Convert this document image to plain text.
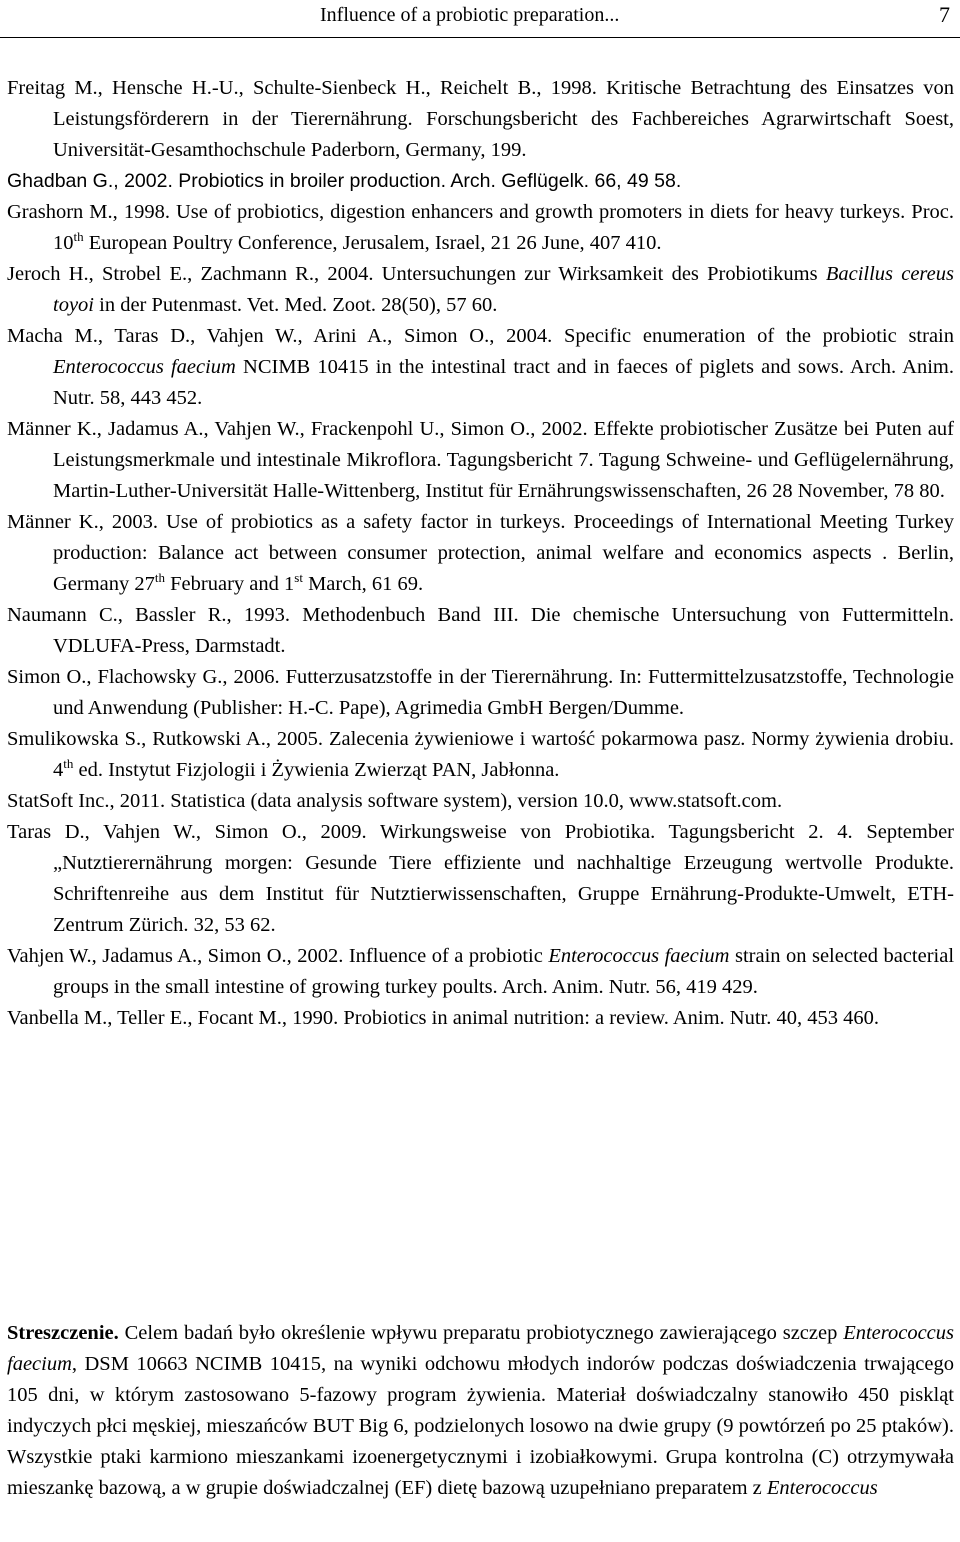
Influence of a probiotic preparation...	7

Freitag M., Hensche H.-U., Schulte-Sienbeck H., Reichelt B., 1998. Kritische Betrachtung des Einsatzes von Leistungsförderern in der Tierernährung. Forschungsbericht des Fachbereiches Agrarwirtschaft Soest, Universität-Gesamthochschule Paderborn, Germany, 199.

Ghadban G., 2002. Probiotics in broiler production. Arch. Geflügelk. 66, 49 58.

Grashorn M., 1998. Use of probiotics, digestion enhancers and growth promoters in diets for heavy turkeys. Proc. 10th European Poultry Conference, Jerusalem, Israel, 21 26 June, 407 410.

Jeroch H., Strobel E., Zachmann R., 2004. Untersuchungen zur Wirksamkeit des Probiotikums Bacillus cereus toyoi in der Putenmast. Vet. Med. Zoot. 28(50), 57 60.

Macha M., Taras D., Vahjen W., Arini A., Simon O., 2004. Specific enumeration of the probiotic strain Enterococcus faecium NCIMB 10415 in the intestinal tract and in faeces of piglets and sows. Arch. Anim. Nutr. 58, 443 452.

Männer K., Jadamus A., Vahjen W., Frackenpohl U., Simon O., 2002. Effekte probiotischer Zusätze bei Puten auf Leistungsmerkmale und intestinale Mikroflora. Tagungsbericht 7. Tagung Schweine- und Geflügelernährung, Martin-Luther-Universität Halle-Wittenberg, Institut für Ernährungswissenschaften, 26 28 November, 78 80.

Männer K., 2003. Use of probiotics as a safety factor in turkeys. Proceedings of International Meeting Turkey production: Balance act between consumer protection, animal welfare and economics aspects . Berlin, Germany 27th February and 1st March, 61 69.

Naumann C., Bassler R., 1993. Methodenbuch Band III. Die chemische Untersuchung von Futtermitteln. VDLUFA-Press, Darmstadt.

Simon O., Flachowsky G., 2006. Futterzusatzstoffe in der Tierernährung. In: Futtermittelzusatzstoffe, Technologie und Anwendung (Publisher: H.-C. Pape), Agrimedia GmbH Bergen/Dumme.

Smulikowska S., Rutkowski A., 2005. Zalecenia żywieniowe i wartość pokarmowa pasz. Normy żywienia drobiu. 4th ed. Instytut Fizjologii i Żywienia Zwierząt PAN, Jabłonna.

StatSoft Inc., 2011. Statistica (data analysis software system), version 10.0, www.statsoft.com.

Taras D., Vahjen W., Simon O., 2009. Wirkungsweise von Probiotika. Tagungsbericht 2. 4. September „Nutztierernährung morgen: Gesunde Tiere effiziente und nachhaltige Erzeugung wertvolle Produkte. Schriftenreihe aus dem Institut für Nutztierwissenschaften, Gruppe Ernährung-Produkte-Umwelt, ETH-Zentrum Zürich. 32, 53 62.

Vahjen W., Jadamus A., Simon O., 2002. Influence of a probiotic Enterococcus faecium strain on selected bacterial groups in the small intestine of growing turkey poults. Arch. Anim. Nutr. 56, 419 429.

Vanbella M., Teller E., Focant M., 1990. Probiotics in animal nutrition: a review. Anim. Nutr. 40, 453 460.

Streszczenie. Celem badań było określenie wpływu preparatu probiotycznego zawierającego szczep Enterococcus faecium, DSM 10663 NCIMB 10415, na wyniki odchowu młodych indorów podczas doświadczenia trwającego 105 dni, w którym zastosowano 5-fazowy program żywienia. Materiał doświadczalny stanowiło 450 piskląt indyczych płci męskiej, mieszańców BUT Big 6, podzielonych losowo na dwie grupy (9 powtórzeń po 25 ptaków). Wszystkie ptaki karmiono mieszankami izoenergetycznymi i izobiałkowymi. Grupa kontrolna (C) otrzymywała mieszankę bazową, a w grupie doświadczalnej (EF) dietę bazową uzupełniano preparatem z Enterococcus
